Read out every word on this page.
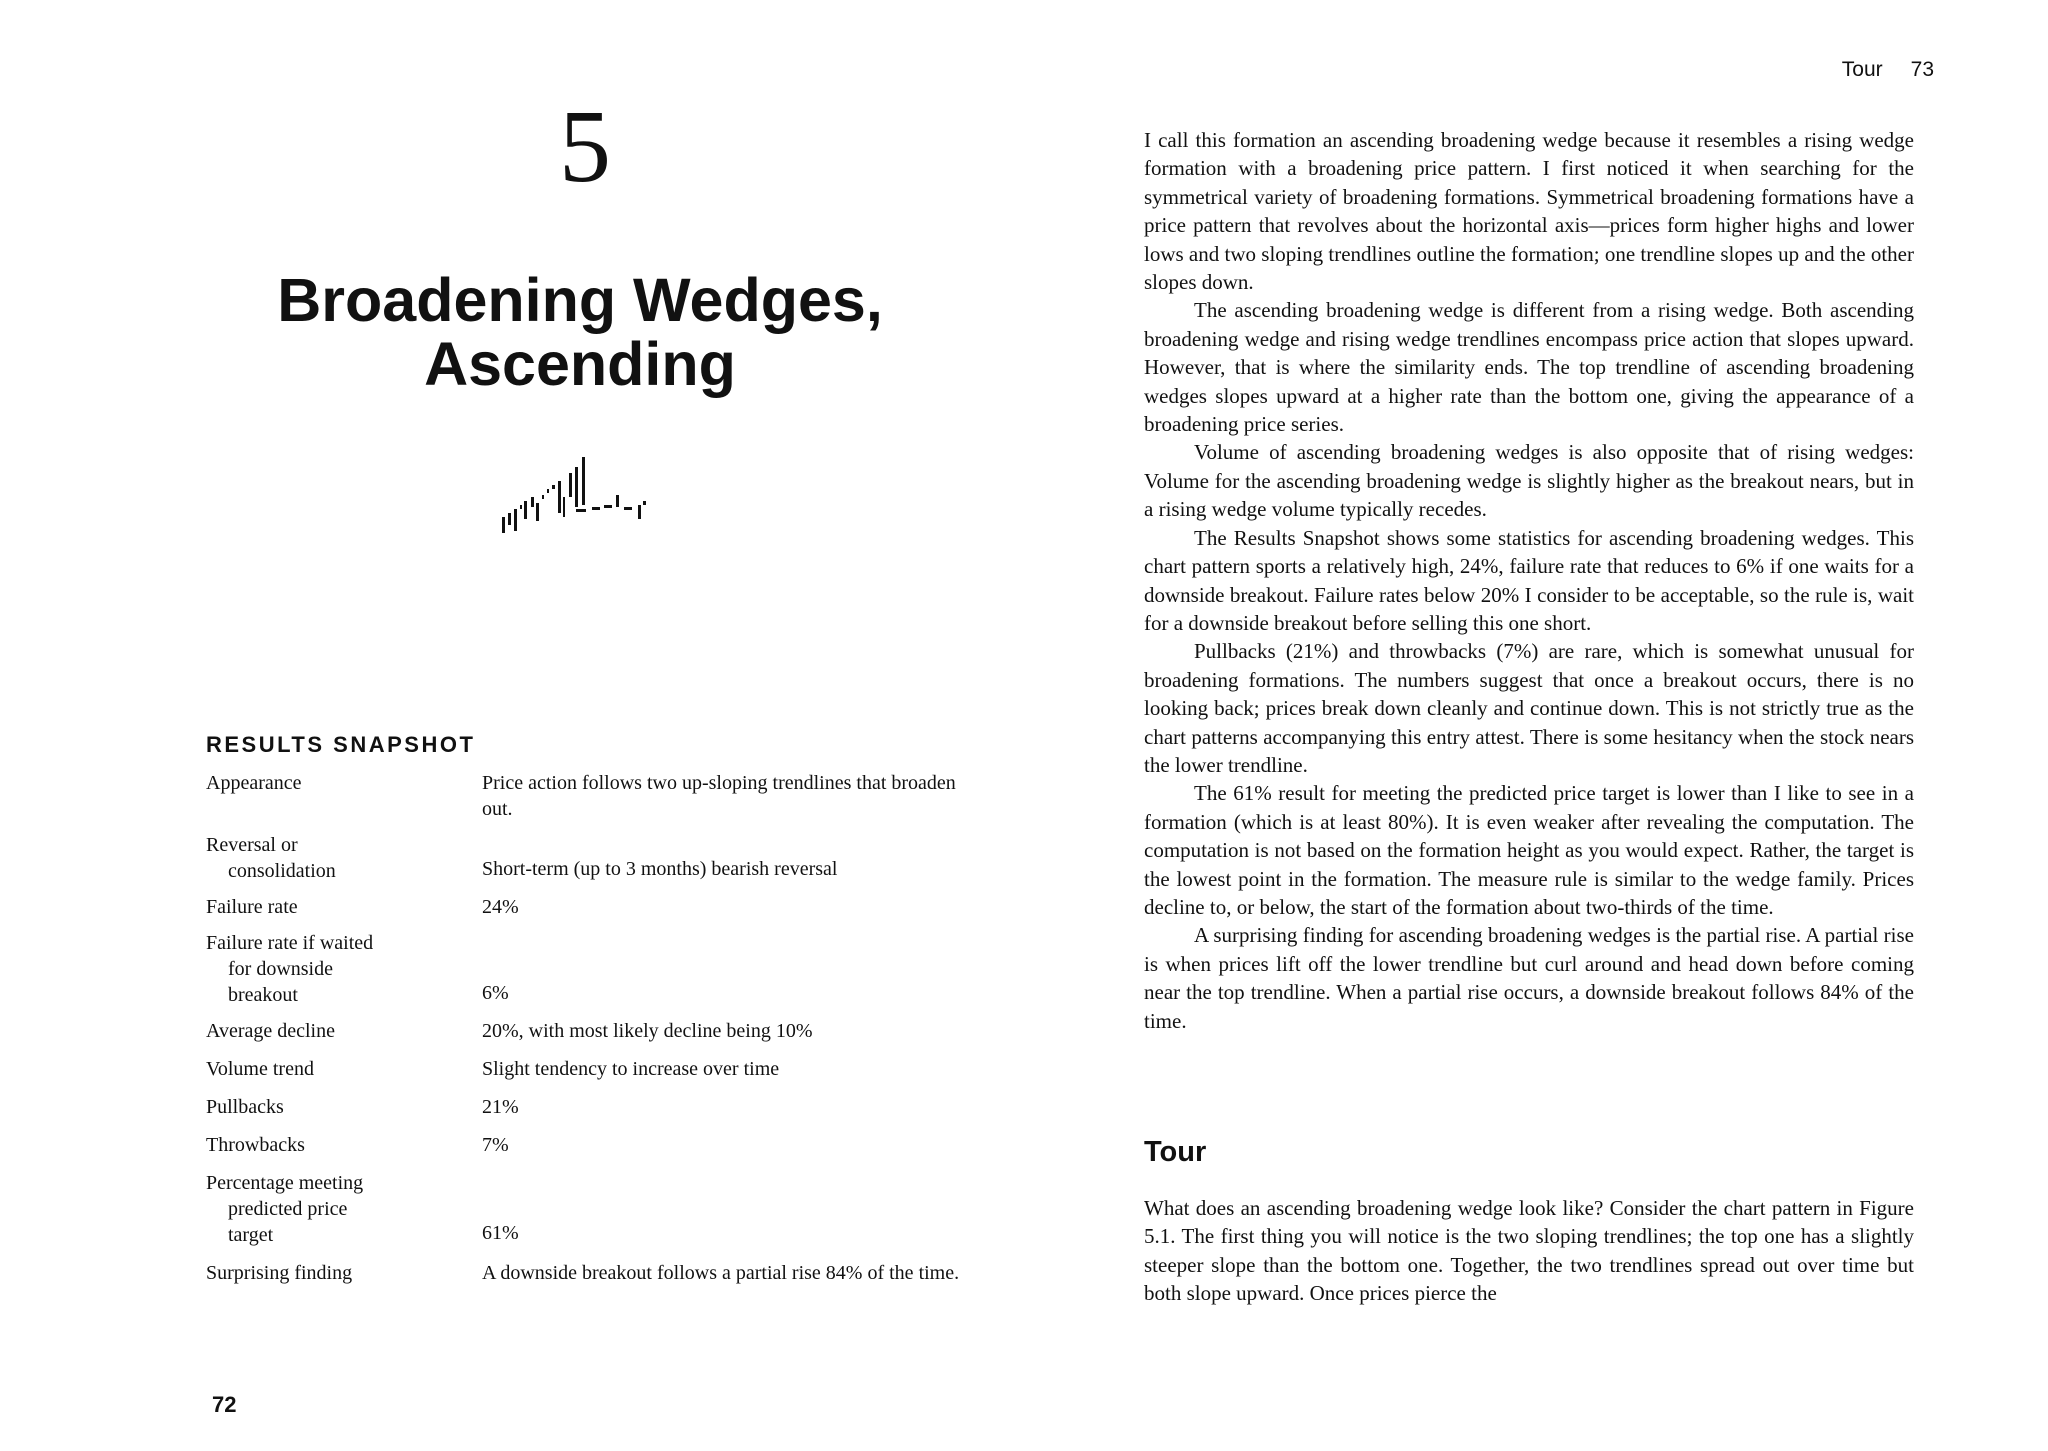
5
Broadening Wedges,
Ascending
RESULTS SNAPSHOT
Appearance	Price action follows two up-sloping trendlines that broaden out.
Reversal or
consolidation	Short-term (up to 3 months) bearish reversal
Failure rate	24%
Failure rate if waited
for downside
breakout	6%
Average decline	20%, with most likely decline being 10%
Volume trend	Slight tendency to increase over time
Pullbacks	21%
Throwbacks	7%
Percentage meeting
predicted price
target	61%
Surprising finding	A downside breakout follows a partial rise 84% of the time.
72
Tour 73

I call this formation an ascending broadening wedge because it resembles a rising wedge formation with a broadening price pattern. I first noticed it when searching for the symmetrical variety of broadening formations. Symmetrical broadening formations have a price pattern that revolves about the horizontal axis—prices form higher highs and lower lows and two sloping trendlines outline the formation; one trendline slopes up and the other slopes down.

The ascending broadening wedge is different from a rising wedge. Both ascending broadening wedge and rising wedge trendlines encompass price action that slopes upward. However, that is where the similarity ends. The top trendline of ascending broadening wedges slopes upward at a higher rate than the bottom one, giving the appearance of a broadening price series.

Volume of ascending broadening wedges is also opposite that of rising wedges: Volume for the ascending broadening wedge is slightly higher as the breakout nears, but in a rising wedge volume typically recedes.

The Results Snapshot shows some statistics for ascending broadening wedges. This chart pattern sports a relatively high, 24%, failure rate that reduces to 6% if one waits for a downside breakout. Failure rates below 20% I consider to be acceptable, so the rule is, wait for a downside breakout before selling this one short.

Pullbacks (21%) and throwbacks (7%) are rare, which is somewhat unusual for broadening formations. The numbers suggest that once a breakout occurs, there is no looking back; prices break down cleanly and continue down. This is not strictly true as the chart patterns accompanying this entry attest. There is some hesitancy when the stock nears the lower trendline.

The 61% result for meeting the predicted price target is lower than I like to see in a formation (which is at least 80%). It is even weaker after revealing the computation. The computation is not based on the formation height as you would expect. Rather, the target is the lowest point in the formation. The measure rule is similar to the wedge family. Prices decline to, or below, the start of the formation about two-thirds of the time.

A surprising finding for ascending broadening wedges is the partial rise. A partial rise is when prices lift off the lower trendline but curl around and head down before coming near the top trendline. When a partial rise occurs, a downside breakout follows 84% of the time.

Tour

What does an ascending broadening wedge look like? Consider the chart pattern in Figure 5.1. The first thing you will notice is the two sloping trendlines; the top one has a slightly steeper slope than the bottom one. Together, the two trendlines spread out over time but both slope upward. Once prices pierce the
